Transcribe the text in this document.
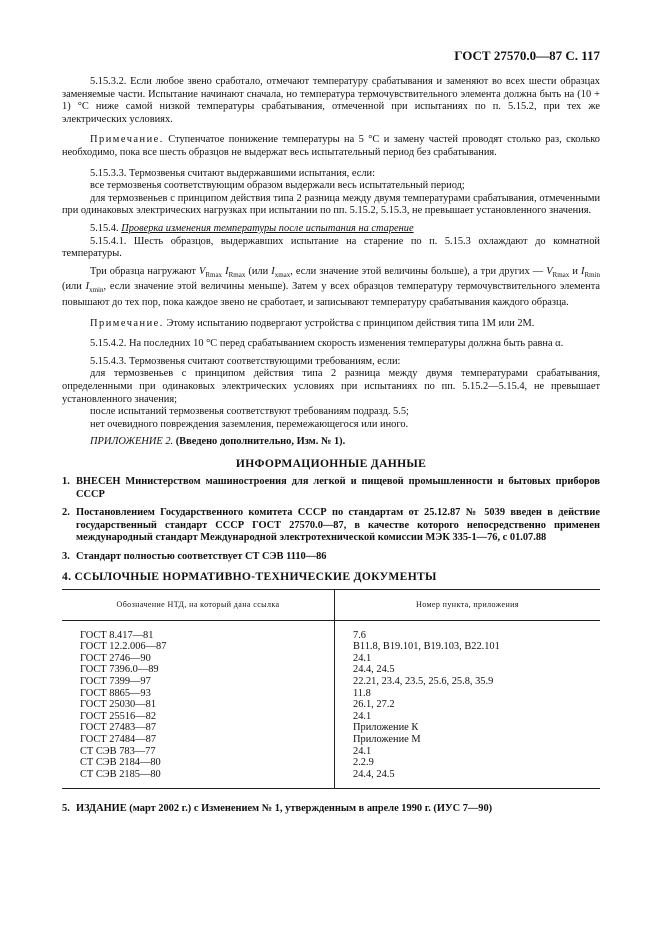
ГОСТ 27570.0—87 С. 117

5.15.3.2. Если любое звено сработало, отмечают температуру срабатывания и заменяют во всех шести образцах заменяемые части. Испытание начинают сначала, но температура термочувствительного элемента должна быть на (10 + 1) °С ниже самой низкой температуры срабатывания, отмеченной при испытаниях по п. 5.15.2, при тех же электрических условиях.

Примечание. Ступенчатое понижение температуры на 5 °С и замену частей проводят столько раз, сколько необходимо, пока все шесть образцов не выдержат весь испытательный период без срабатывания.

5.15.3.3. Термозвенья считают выдержавшими испытания, если:

все термозвенья соответствующим образом выдержали весь испытательный период;

для термозвеньев с принципом действия типа 2 разница между двумя температурами срабатывания, отмеченными при одинаковых электрических нагрузках при испытании по пп. 5.15.2, 5.15.3, не превышает установленного значения.

5.15.4. Проверка изменения температуры после испытания на старение

5.15.4.1. Шесть образцов, выдержавших испытание на старение по п. 5.15.3 охлаждают до комнатной температуры.

Три образца нагружают $V_{Rmax}$ $I_{Rmax}$ (или $I_{xmax}$, если значение этой величины больше), а три других — $V_{Rmax}$ и $I_{Rmin}$ (или $I_{xmin}$, если значение этой величины меньше). Затем у всех образцов температуру термочувствительного элемента повышают до тех пор, пока каждое звено не сработает, и записывают температуру срабатывания каждого образца.

Примечание. Этому испытанию подвергают устройства с принципом действия типа 1М или 2М.

5.15.4.2. На последних 10 °С перед срабатыванием скорость изменения температуры должна быть равна α.

5.15.4.3. Термозвенья считают соответствующими требованиям, если:

для термозвеньев с принципом действия типа 2 разница между двумя температурами срабатывания, определенными при одинаковых электрических условиях при испытаниях по пп. 5.15.2—5.15.4, не превышает установленного значения;

после испытаний термозвенья соответствуют требованиям подразд. 5.5;

нет очевидного повреждения заземления, перемежающегося или иного.

ПРИЛОЖЕНИЕ 2. (Введено дополнительно, Изм. № 1).

ИНФОРМАЦИОННЫЕ ДАННЫЕ
1. ВНЕСЕН Министерством машиностроения для легкой и пищевой промышленности и бытовых приборов СССР
2. Постановлением Государственного комитета СССР по стандартам от 25.12.87 № 5039 введен в действие государственный стандарт СССР ГОСТ 27570.0—87, в качестве которого непосредственно применен международный стандарт Международной электротехнической комиссии МЭК 335-1—76, с 01.07.88
3. Стандарт полностью соответствует СТ СЭВ 1110—86
4. ССЫЛОЧНЫЕ НОРМАТИВНО-ТЕХНИЧЕСКИЕ ДОКУМЕНТЫ
Обозначение НТД, на который дана ссылка	Номер пункта, приложения
ГОСТ 8.417—81	7.6
ГОСТ 12.2.006—87	В11.8, В19.101, В19.103, В22.101
ГОСТ 2746—90	24.1
ГОСТ 7396.0—89	24.4, 24.5
ГОСТ 7399—97	22.21, 23.4, 23.5, 25.6, 25.8, 35.9
ГОСТ 8865—93	11.8
ГОСТ 25030—81	26.1, 27.2
ГОСТ 25516—82	24.1
ГОСТ 27483—87	Приложение К
ГОСТ 27484—87	Приложение М
СТ СЭВ 783—77	24.1
СТ СЭВ 2184—80	2.2.9
СТ СЭВ 2185—80	24.4, 24.5
5. ИЗДАНИЕ (март 2002 г.) с Изменением № 1, утвержденным в апреле 1990 г. (ИУС 7—90)
